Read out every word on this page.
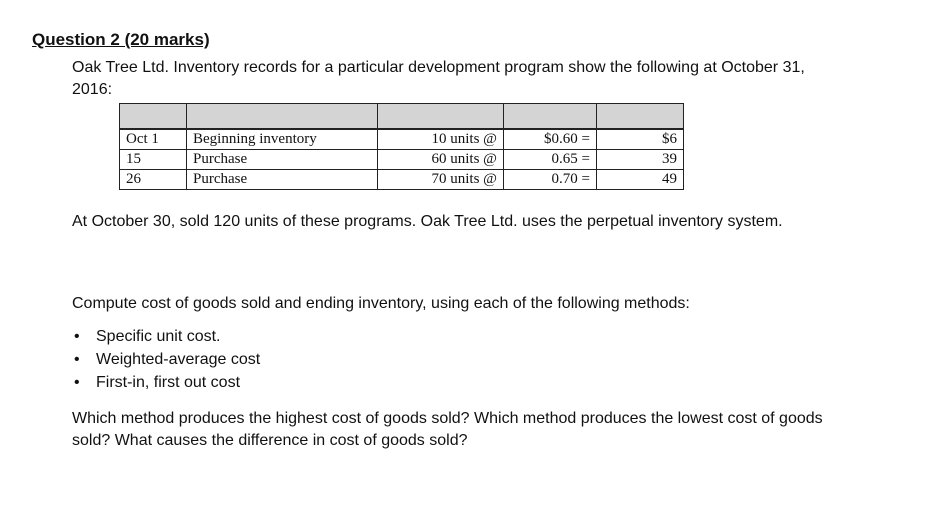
Question 2 (20 marks)
Oak Tree Ltd. Inventory records for a particular development program show the following at October 31, 2016:

Oct 1	Beginning inventory	10 units @	$0.60 =	$6
15	Purchase	60 units @	0.65 =	39
26	Purchase	70 units @	0.70 =	49
At October 30, sold 120 units of these programs. Oak Tree Ltd. uses the perpetual inventory system.
Compute cost of goods sold and ending inventory, using each of the following methods:
• Specific unit cost.
• Weighted-average cost
• First-in, first out cost
Which method produces the highest cost of goods sold? Which method produces the lowest cost of goods sold? What causes the difference in cost of goods sold?
